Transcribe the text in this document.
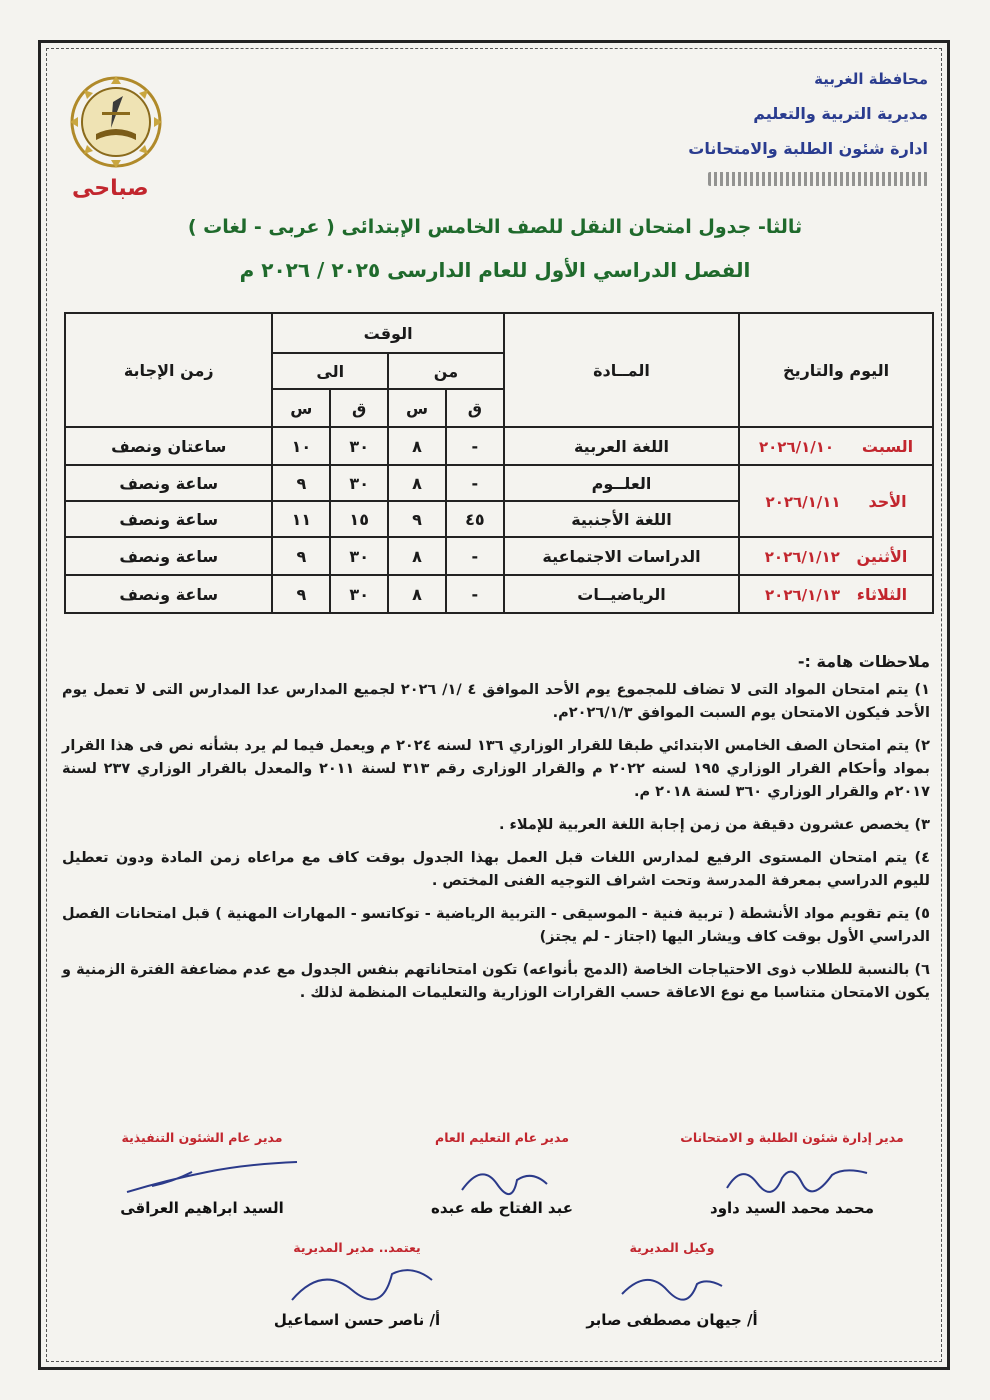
محافظة الغربية
مديرية التربية والتعليم
ادارة شئون الطلبة والامتحانات
صباحى
ثالثا- جدول امتحان النقل للصف الخامس الإبتدائى ( عربى - لغات )
الفصل الدراسي الأول للعام الدارسى ٢٠٢٥ / ٢٠٢٦ م
اليوم والتاريخ	المــادة	الوقت				زمن الإجابة
		من		الى		
		ق	س	ق	س	
السبت     ٢٠٢٦/١/١٠	اللغة العربية	-	٨	٣٠	١٠	ساعتان ونصف
الأحد     ٢٠٢٦/١/١١	العلــوم	-	٨	٣٠	٩	ساعة ونصف
	اللغة الأجنبية	٤٥	٩	١٥	١١	ساعة ونصف
الأثنين   ٢٠٢٦/١/١٢	الدراسات الاجتماعية	-	٨	٣٠	٩	ساعة ونصف
الثلاثاء   ٢٠٢٦/١/١٣	الرياضيــات	-	٨	٣٠	٩	ساعة ونصف
ملاحظات هامة :-

١) يتم امتحان المواد التى لا تضاف للمجموع يوم الأحد الموافق ٤ /١/ ٢٠٢٦ لجميع المدارس عدا المدارس التى لا تعمل يوم الأحد فيكون الامتحان يوم السبت الموافق ٢٠٢٦/١/٣م.

٢) يتم امتحان الصف الخامس الابتدائي طبقا للقرار الوزاري ١٣٦ لسنه ٢٠٢٤ م ويعمل فيما لم يرد بشأنه نص فى هذا القرار بمواد وأحكام القرار الوزاري ١٩٥ لسنه ٢٠٢٢ م والقرار الوزارى رقم ٣١٣ لسنة ٢٠١١ والمعدل بالقرار الوزاري ٢٣٧ لسنة ٢٠١٧م والقرار الوزاري ٣٦٠ لسنة ٢٠١٨ م.

٣) يخصص عشرون دقيقة من زمن إجابة اللغة العربية للإملاء .

٤) يتم امتحان المستوى الرفيع لمدارس اللغات قبل العمل بهذا الجدول بوقت كاف مع مراعاه زمن المادة ودون تعطيل لليوم الدراسي بمعرفة المدرسة وتحت اشراف التوجيه الفنى المختص .

٥) يتم تقويم مواد الأنشطة ( تربية فنية - الموسيقى - التربية الرياضية - توكاتسو - المهارات المهنية ) قبل امتحانات الفصل الدراسي الأول بوقت كاف ويشار اليها (اجتاز - لم يجتز)

٦) بالنسبة للطلاب ذوى الاحتياجات الخاصة (الدمج بأنواعه) تكون امتحاناتهم بنفس الجدول مع عدم مضاعفة الفترة الزمنية و يكون الامتحان متناسبا مع نوع الاعاقة حسب القرارات الوزارية والتعليمات المنظمة لذلك .

مدير إدارة شئون الطلبة و الامتحانات
محمد محمد السيد داود
مدير عام التعليم العام
عبد الفتاح طه عبده
مدير عام الشئون التنفيذية
السيد ابراهيم العراقى
وكيل المديرية
أ/ جيهان مصطفى صابر
يعتمد.. مدير المديرية
أ/ ناصر حسن اسماعيل
